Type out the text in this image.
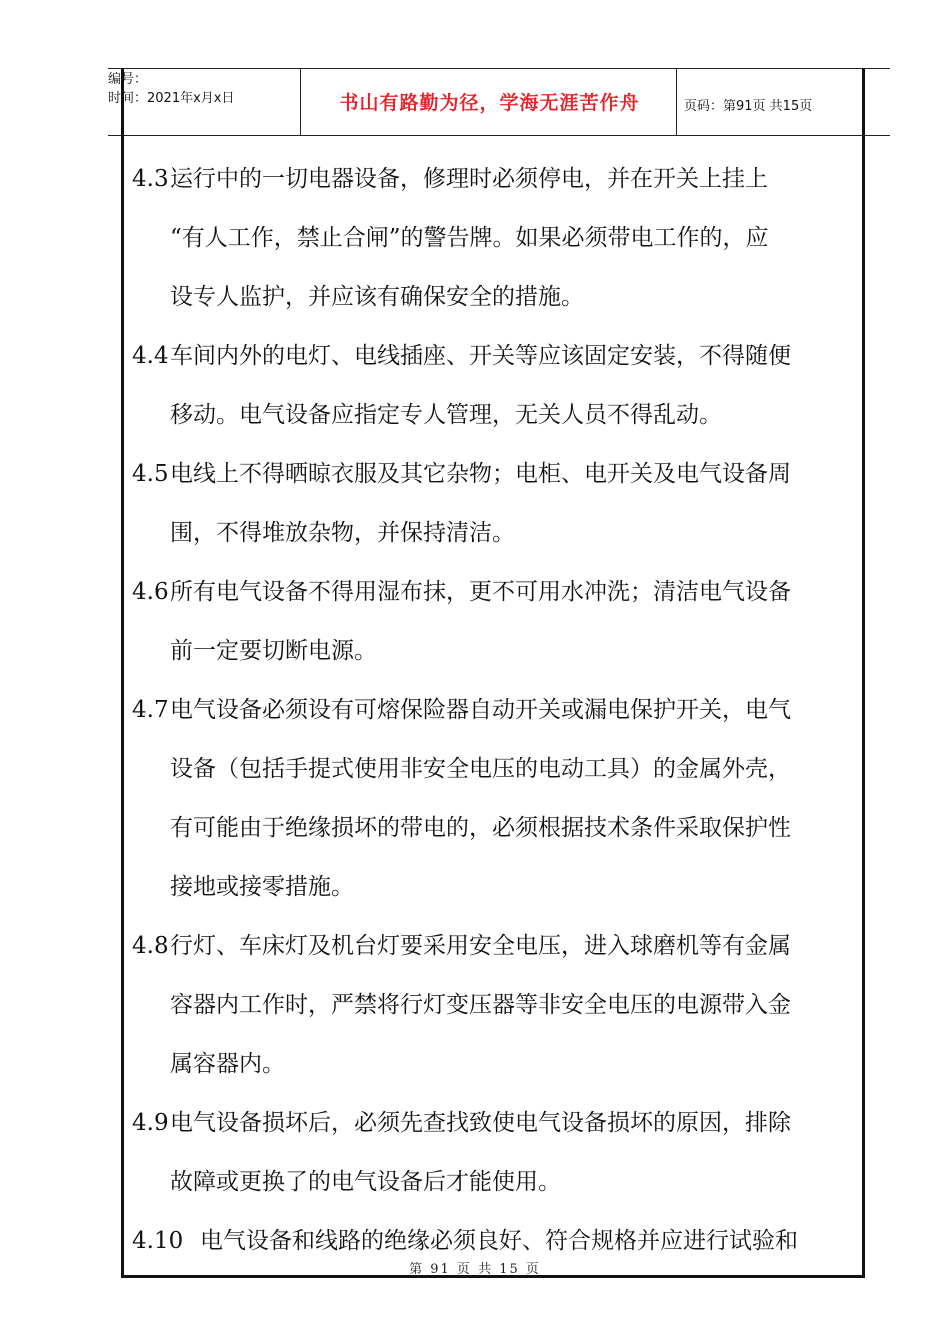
编号：
时间：2021年x月x日	书山有路勤为径，学海无涯苦作舟	页码：第91页 共15页
4.3运行中的一切电器设备，修理时必须停电，并在开关上挂上
“有人工作，禁止合闸”的警告牌。如果必须带电工作的，应
设专人监护，并应该有确保安全的措施。
4.4车间内外的电灯、电线插座、开关等应该固定安装，不得随便
移动。电气设备应指定专人管理，无关人员不得乱动。
4.5电线上不得晒晾衣服及其它杂物；电柜、电开关及电气设备周
围，不得堆放杂物，并保持清洁。
4.6所有电气设备不得用湿布抹，更不可用水冲洗；清洁电气设备
前一定要切断电源。
4.7电气设备必须设有可熔保险器自动开关或漏电保护开关，电气
设备（包括手提式使用非安全电压的电动工具）的金属外壳，
有可能由于绝缘损坏的带电的，必须根据技术条件采取保护性
接地或接零措施。
4.8行灯、车床灯及机台灯要采用安全电压，进入球磨机等有金属
容器内工作时，严禁将行灯变压器等非安全电压的电源带入金
属容器内。
4.9电气设备损坏后，必须先查找致使电气设备损坏的原因，排除
故障或更换了的电气设备后才能使用。
4.10 电气设备和线路的绝缘必须良好、符合规格并应进行试验和
第 91 页 共 15 页
